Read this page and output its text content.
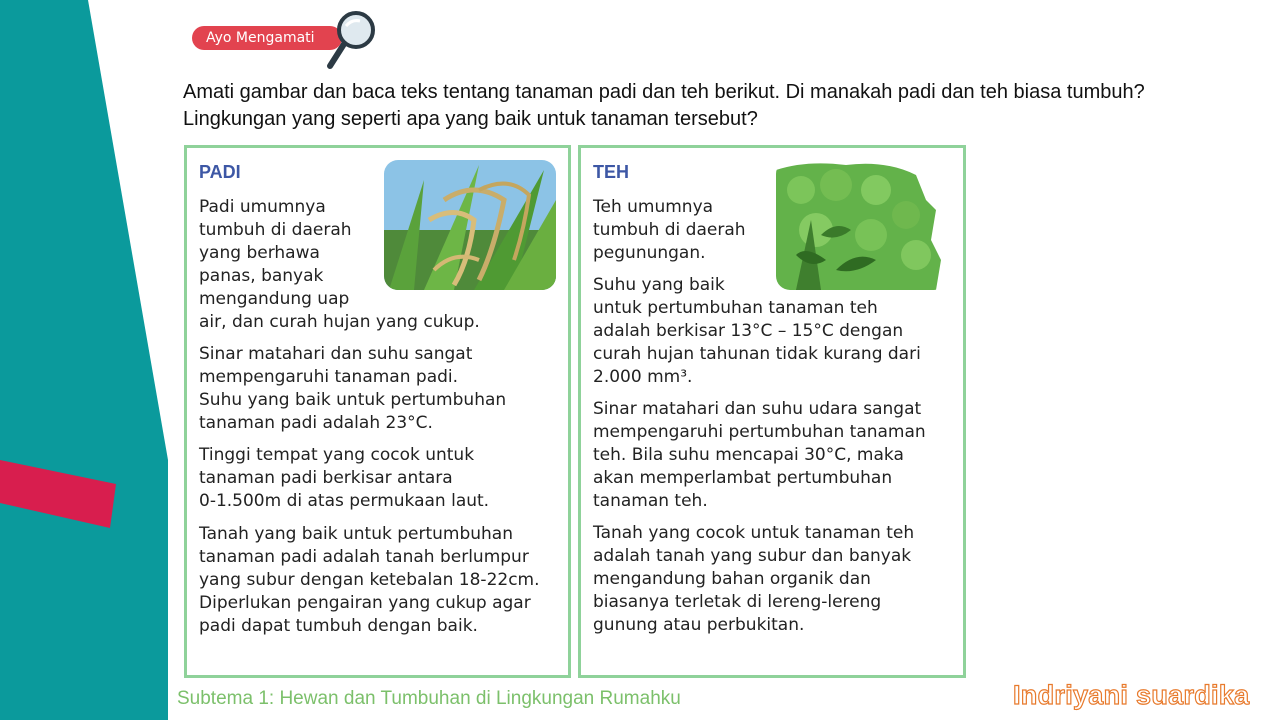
Ayo Mengamati
Amati gambar dan baca teks tentang tanaman padi dan teh berikut. Di manakah padi dan teh biasa tumbuh? Lingkungan yang seperti apa yang baik untuk tanaman tersebut?
PADI
Padi umumnya
tumbuh di daerah
yang berhawa
panas, banyak
mengandung uap
air, dan curah hujan yang cukup.
Sinar matahari dan suhu sangat
mempengaruhi tanaman padi.
Suhu yang baik untuk pertumbuhan
tanaman padi adalah 23°C.
Tinggi tempat yang cocok untuk
tanaman padi berkisar antara
0-1.500m di atas permukaan laut.
Tanah yang baik untuk pertumbuhan
tanaman padi adalah tanah berlumpur
yang subur dengan ketebalan 18-22cm.
Diperlukan pengairan yang cukup agar
padi dapat tumbuh dengan baik.
TEH
Teh umumnya
tumbuh di daerah
pegunungan.
Suhu yang baik
untuk pertumbuhan tanaman teh
adalah berkisar 13°C – 15°C dengan
curah hujan tahunan tidak kurang dari
2.000 mm³.
Sinar matahari dan suhu udara sangat
mempengaruhi pertumbuhan tanaman
teh. Bila suhu mencapai 30°C, maka
akan memperlambat pertumbuhan
tanaman teh.
Tanah yang cocok untuk tanaman teh
adalah tanah yang subur dan banyak
mengandung bahan organik dan
biasanya terletak di lereng-lereng
gunung atau perbukitan.
Subtema 1: Hewan dan Tumbuhan di Lingkungan Rumahku	Indriyani suardika
